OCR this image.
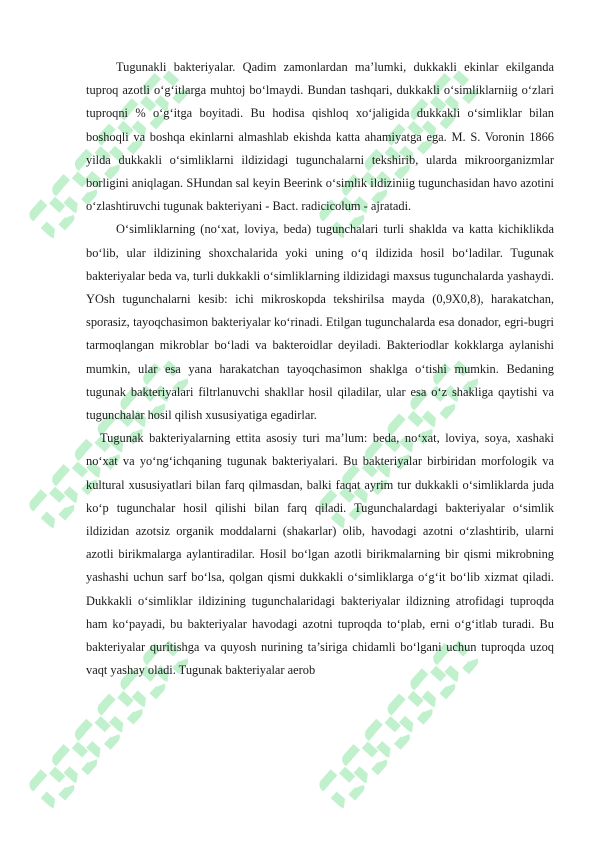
Tugunakli bakteriyalar. Qadim zamonlardan ma’lumki, dukkakli ekinlar ekilganda tuproq azotli o‘g‘itlarga muhtoj bo‘lmaydi. Bundan tashqari, dukkakli o‘simliklarniig o‘zlari tuproqni % o‘g‘itga boyitadi. Bu hodisa qishloq xo‘jaligida dukkakli o‘simliklar bilan boshoqli va boshqa ekinlarni almashlab ekishda katta ahamiyatga ega. M. S. Voronin 1866 yilda dukkakli o‘simliklarni ildizidagi tugunchalarni tekshirib, ularda mikroorganizmlar borligini aniqlagan. SHundan sal keyin Beerink o‘simlik ildiziniig tugunchasidan havo azotini o‘zlashtiruvchi tugunak bakteriyani - Bact. radicicolum - ajratadi.

O‘simliklarning (no‘xat, loviya, beda) tugunchalari turli shaklda va katta kichiklikda bo‘lib, ular ildizining shoxchalarida yoki uning o‘q ildizida hosil bo‘ladilar. Tugunak bakteriyalar beda va, turli dukkakli o‘simliklarning ildizidagi maxsus tugunchalarda yashaydi. YOsh tugunchalarni kesib: ichi mikroskopda tekshirilsa mayda (0,9X0,8), harakatchan, sporasiz, tayoqchasimon bakteriyalar ko‘rinadi. Etilgan tugunchalarda esa donador, egri-bugri tarmoqlangan mikroblar bo‘ladi va bakteroidlar deyiladi. Bakteriodlar kokklarga aylanishi mumkin, ular esa yana harakatchan tayoqchasimon shaklga o‘tishi mumkin. Bedaning tugunak bakteriyalari filtrlanuvchi shakllar hosil qiladilar, ular esa o‘z shakliga qaytishi va tugunchalar hosil qilish xususiyatiga egadirlar.

Tugunak bakteriyalarning ettita asosiy turi ma’lum: beda, no‘xat, loviya, soya, xashaki no‘xat va yo‘ng‘ichqaning tugunak bakteriyalari. Bu bakteriyalar birbiridan morfologik va kultural xususiyatlari bilan farq qilmasdan, balki faqat ayrim tur dukkakli o‘simliklarda juda ko‘p tugunchalar hosil qilishi bilan farq qiladi. Tugunchalardagi bakteriyalar o‘simlik ildizidan azotsiz organik moddalarni (shakarlar) olib, havodagi azotni o‘zlashtirib, ularni azotli birikmalarga aylantiradilar. Hosil bo‘lgan azotli birikmalarning bir qismi mikrobning yashashi uchun sarf bo‘lsa, qolgan qismi dukkakli o‘simliklarga o‘g‘it bo‘lib xizmat qiladi. Dukkakli o‘simliklar ildizining tugunchalaridagi bakteriyalar ildizning atrofidagi tuproqda ham ko‘payadi, bu bakteriyalar havodagi azotni tuproqda to‘plab, erni o‘g‘itlab turadi. Bu bakteriyalar quritishga va quyosh nurining ta’siriga chidamli bo‘lgani uchun tuproqda uzoq vaqt yashay oladi. Tugunak bakteriyalar aerob
